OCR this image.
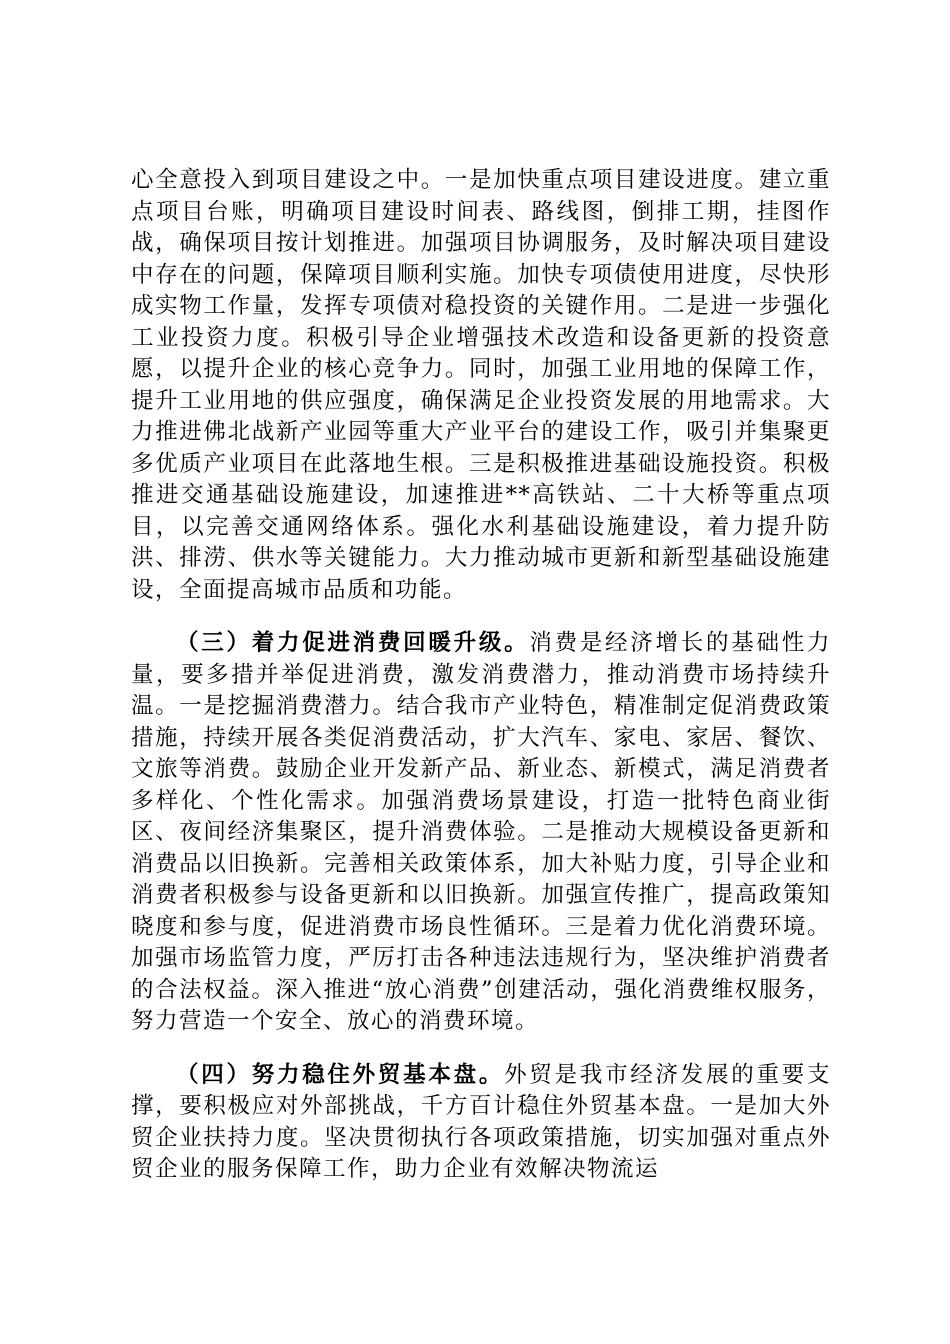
心全意投入到项目建设之中。一是加快重点项目建设进度。建立重点项目台账，明确项目建设时间表、路线图，倒排工期，挂图作战，确保项目按计划推进。加强项目协调服务，及时解决项目建设中存在的问题，保障项目顺利实施。加快专项债使用进度，尽快形成实物工作量，发挥专项债对稳投资的关键作用。二是进一步强化工业投资力度。积极引导企业增强技术改造和设备更新的投资意愿，以提升企业的核心竞争力。同时，加强工业用地的保障工作，提升工业用地的供应强度，确保满足企业投资发展的用地需求。大力推进佛北战新产业园等重大产业平台的建设工作，吸引并集聚更多优质产业项目在此落地生根。三是积极推进基础设施投资。积极推进交通基础设施建设，加速推进**高铁站、二十大桥等重点项目，以完善交通网络体系。强化水利基础设施建设，着力提升防洪、排涝、供水等关键能力。大力推动城市更新和新型基础设施建设，全面提高城市品质和功能。

（三）着力促进消费回暖升级。消费是经济增长的基础性力量，要多措并举促进消费，激发消费潜力，推动消费市场持续升温。一是挖掘消费潜力。结合我市产业特色，精准制定促消费政策措施，持续开展各类促消费活动，扩大汽车、家电、家居、餐饮、文旅等消费。鼓励企业开发新产品、新业态、新模式，满足消费者多样化、个性化需求。加强消费场景建设，打造一批特色商业街区、夜间经济集聚区，提升消费体验。二是推动大规模设备更新和消费品以旧换新。完善相关政策体系，加大补贴力度，引导企业和消费者积极参与设备更新和以旧换新。加强宣传推广，提高政策知晓度和参与度，促进消费市场良性循环。三是着力优化消费环境。加强市场监管力度，严厉打击各种违法违规行为，坚决维护消费者的合法权益。深入推进“放心消费”创建活动，强化消费维权服务，努力营造一个安全、放心的消费环境。

（四）努力稳住外贸基本盘。外贸是我市经济发展的重要支撑，要积极应对外部挑战，千方百计稳住外贸基本盘。一是加大外贸企业扶持力度。坚决贯彻执行各项政策措施，切实加强对重点外贸企业的服务保障工作，助力企业有效解决物流运
